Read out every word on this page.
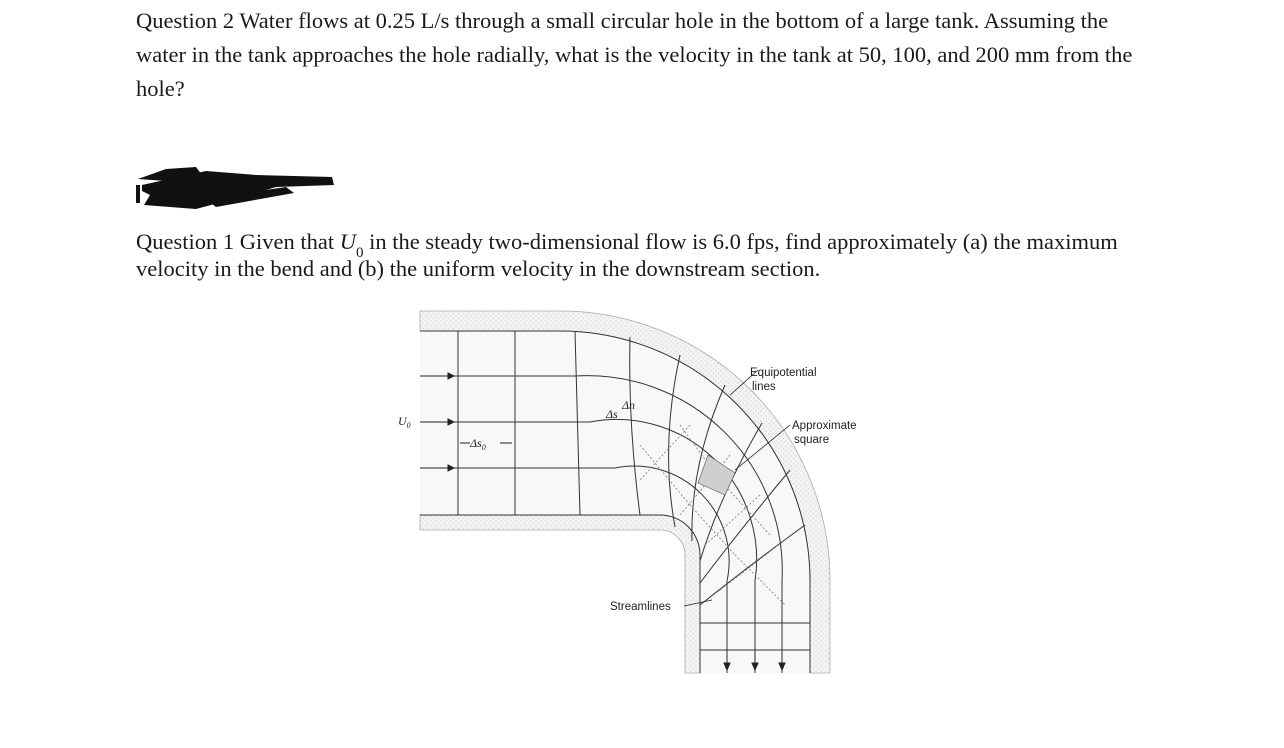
Question 2 Water flows at 0.25 L/s through a small circular hole in the bottom of a large tank. Assuming the water in the tank approaches the hole radially, what is the velocity in the tank at 50, 100, and 200 mm from the hole?
Question 1 Given that $U_0$ in the steady two-dimensional flow is 6.0 fps, find approximately (a) the maximum velocity in the bend and (b) the uniform velocity in the downstream section.
$U_0$
$\Delta s_0$
Δs
Δn
Equipotential
lines
Approximate
square
Streamlines
